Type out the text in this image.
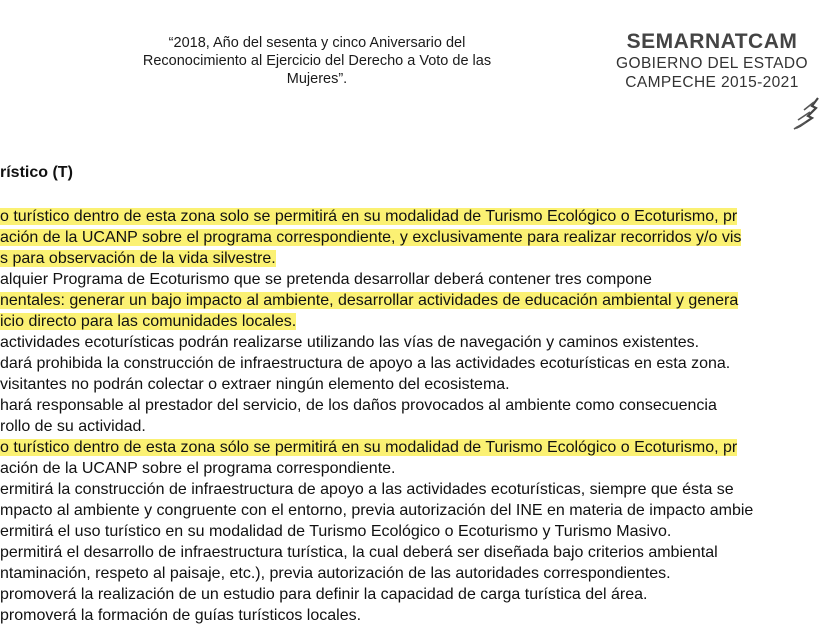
“2018, Año del sesenta y cinco Aniversario del
Reconocimiento al Ejercicio del Derecho a Voto de las
Mujeres”.
SEMARNATCAM
GOBIERNO DEL ESTADO
CAMPECHE 2015-2021
rístico (T)
o turístico dentro de esta zona solo se permitirá en su modalidad de Turismo Ecológico o Ecoturismo, pr
ación de la UCANP sobre el programa correspondiente, y exclusivamente para realizar recorridos y/o vis
s para observación de la vida silvestre.
alquier Programa de Ecoturismo que se pretenda desarrollar deberá contener tres compone
nentales: generar un bajo impacto al ambiente, desarrollar actividades de educación ambiental y genera
icio directo para las comunidades locales.
actividades ecoturísticas podrán realizarse utilizando las vías de navegación y caminos existentes.
dará prohibida la construcción de infraestructura de apoyo a las actividades ecoturísticas en esta zona.
visitantes no podrán colectar o extraer ningún elemento del ecosistema.
hará responsable al prestador del servicio, de los daños provocados al ambiente como consecuencia
rollo de su actividad.
o turístico dentro de esta zona sólo se permitirá en su modalidad de Turismo Ecológico o Ecoturismo, pr
ación de la UCANP sobre el programa correspondiente.
ermitirá la construcción de infraestructura de apoyo a las actividades ecoturísticas, siempre que ésta se
mpacto al ambiente y congruente con el entorno, previa autorización del INE en materia de impacto ambie
ermitirá el uso turístico en su modalidad de Turismo Ecológico o Ecoturismo y Turismo Masivo.
permitirá el desarrollo de infraestructura turística, la cual deberá ser diseñada bajo criterios ambiental
ntaminación, respeto al paisaje, etc.), previa autorización de las autoridades correspondientes.
promoverá la realización de un estudio para definir la capacidad de carga turística del área.
promoverá la formación de guías turísticos locales.
